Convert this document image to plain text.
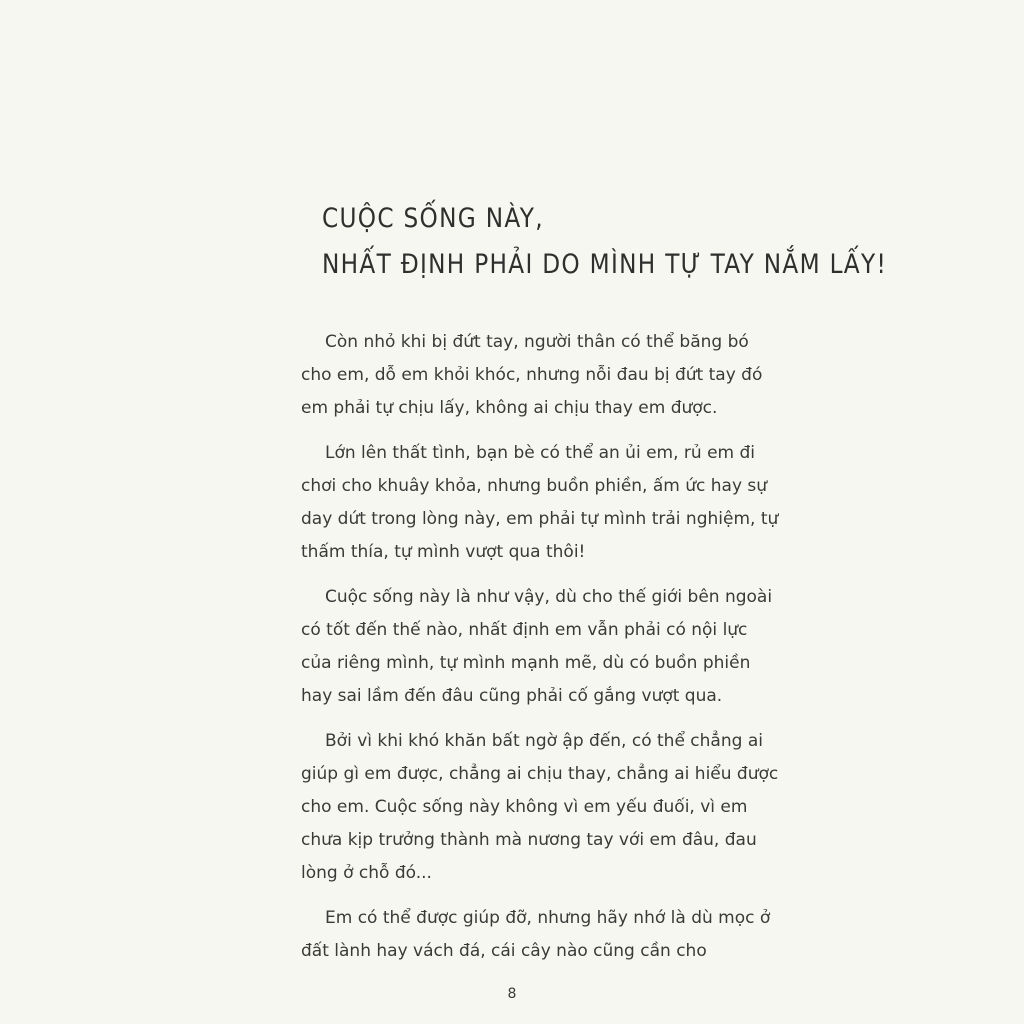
CUỘC SỐNG NÀY,
NHẤT ĐỊNH PHẢI DO MÌNH TỰ TAY NẮM LẤY!

Còn nhỏ khi bị đứt tay, người thân có thể băng bó cho em, dỗ em khỏi khóc, nhưng nỗi đau bị đứt tay đó em phải tự chịu lấy, không ai chịu thay em được.

Lớn lên thất tình, bạn bè có thể an ủi em, rủ em đi chơi cho khuây khỏa, nhưng buồn phiền, ấm ức hay sự day dứt trong lòng này, em phải tự mình trải nghiệm, tự thấm thía, tự mình vượt qua thôi!

Cuộc sống này là như vậy, dù cho thế giới bên ngoài có tốt đến thế nào, nhất định em vẫn phải có nội lực của riêng mình, tự mình mạnh mẽ, dù có buồn phiền hay sai lầm đến đâu cũng phải cố gắng vượt qua.

Bởi vì khi khó khăn bất ngờ ập đến, có thể chẳng ai giúp gì em được, chẳng ai chịu thay, chẳng ai hiểu được cho em. Cuộc sống này không vì em yếu đuối, vì em chưa kịp trưởng thành mà nương tay với em đâu, đau lòng ở chỗ đó...

Em có thể được giúp đỡ, nhưng hãy nhớ là dù mọc ở đất lành hay vách đá, cái cây nào cũng cần cho

8
